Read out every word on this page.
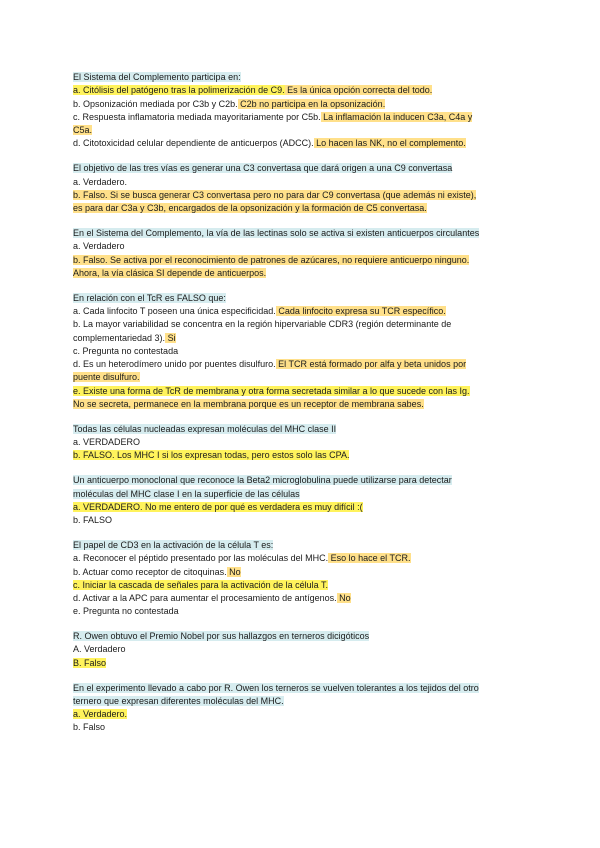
El Sistema del Complemento participa en:
a. Citólisis del patógeno tras la polimerización de C9. Es la única opción correcta del todo.
b. Opsonización mediada por C3b y C2b. C2b no participa en la opsonización.
c. Respuesta inflamatoria mediada mayoritariamente por C5b. La inflamación la inducen C3a, C4a y
C5a.
d. Citotoxicidad celular dependiente de anticuerpos (ADCC). Lo hacen las NK, no el complemento.
El objetivo de las tres vías es generar una C3 convertasa que dará origen a una C9 convertasa
a. Verdadero.
b. Falso. Si se busca generar C3 convertasa pero no para dar C9 convertasa (que además ni existe),
es para dar C3a y C3b, encargados de la opsonización y la formación de C5 convertasa.
En el Sistema del Complemento, la vía de las lectinas solo se activa si existen anticuerpos circulantes
a. Verdadero
b. Falso. Se activa por el reconocimiento de patrones de azúcares, no requiere anticuerpo ninguno.
Ahora, la vía clásica SI depende de anticuerpos.
En relación con el TcR es FALSO que:
a. Cada linfocito T poseen una única especificidad. Cada linfocito expresa su TCR específico.
b. La mayor variabilidad se concentra en la región hipervariable CDR3 (región determinante de
complementariedad 3). Si
c. Pregunta no contestada
d. Es un heterodímero unido por puentes disulfuro. El TCR está formado por alfa y beta unidos por
puente disulfuro.
e. Existe una forma de TcR de membrana y otra forma secretada similar a lo que sucede con las Ig.
No se secreta, permanece en la membrana porque es un receptor de membrana sabes.
Todas las células nucleadas expresan moléculas del MHC clase II
a. VERDADERO
b. FALSO. Los MHC I si los expresan todas, pero estos solo las CPA.
Un anticuerpo monoclonal que reconoce la Beta2 microglobulina puede utilizarse para detectar
moléculas del MHC clase I en la superficie de las células
a. VERDADERO. No me entero de por qué es verdadera es muy difícil :(
b. FALSO
El papel de CD3 en la activación de la célula T es:
a. Reconocer el péptido presentado por las moléculas del MHC. Eso lo hace el TCR.
b. Actuar como receptor de citoquinas. No
c. Iniciar la cascada de señales para la activación de la célula T.
d. Activar a la APC para aumentar el procesamiento de antígenos. No
e. Pregunta no contestada
R. Owen obtuvo el Premio Nobel por sus hallazgos en terneros dicigóticos
A. Verdadero
B. Falso
En el experimento llevado a cabo por R. Owen los terneros se vuelven tolerantes a los tejidos del otro
ternero que expresan diferentes moléculas del MHC.
a. Verdadero.
b. Falso
